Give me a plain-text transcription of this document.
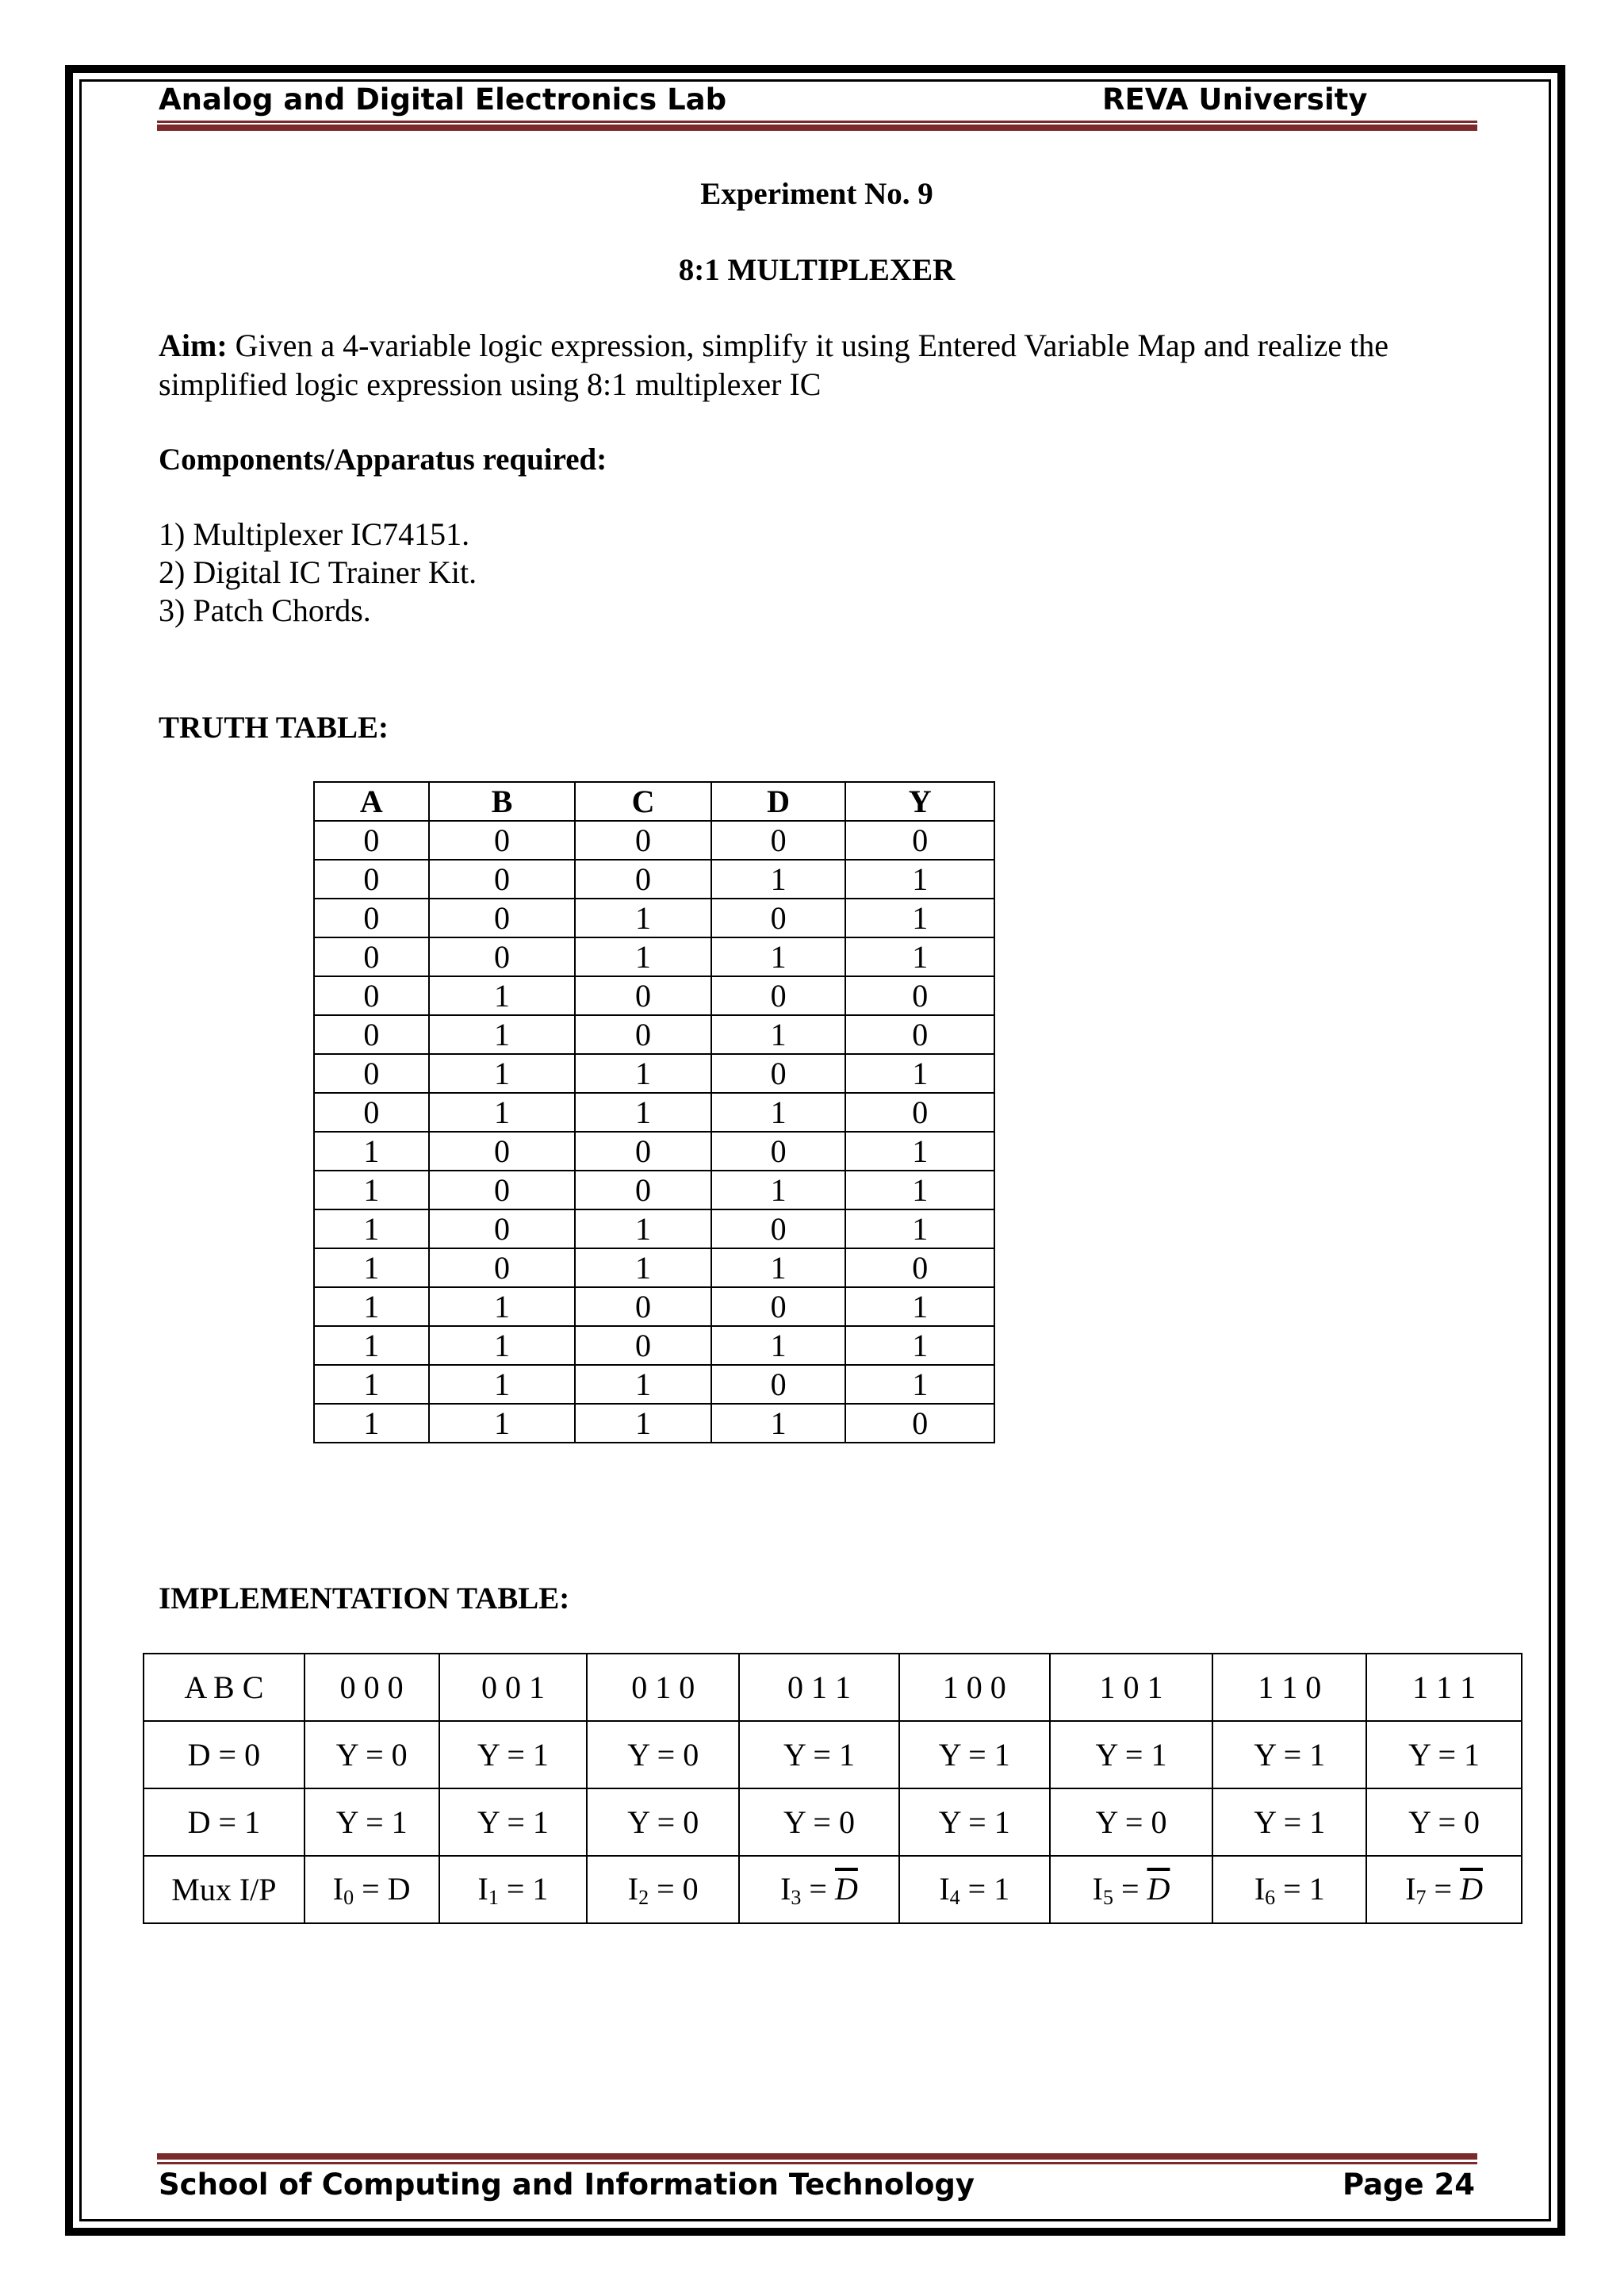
Analog and Digital Electronics Lab	REVA University
Experiment No. 9
8:1 MULTIPLEXER
Aim: Given a 4-variable logic expression, simplify it using Entered Variable Map and realize the simplified logic expression using 8:1 multiplexer IC
Components/Apparatus required:
1) Multiplexer IC74151.
2) Digital IC Trainer Kit.
3) Patch Chords.
TRUTH TABLE:
A	B	C	D	Y
0	0	0	0	0
0	0	0	1	1
0	0	1	0	1
0	0	1	1	1
0	1	0	0	0
0	1	0	1	0
0	1	1	0	1
0	1	1	1	0
1	0	0	0	1
1	0	0	1	1
1	0	1	0	1
1	0	1	1	0
1	1	0	0	1
1	1	0	1	1
1	1	1	0	1
1	1	1	1	0
IMPLEMENTATION TABLE:
A B C	0 0 0	0 0 1	0 1 0	0 1 1	1 0 0	1 0 1	1 1 0	1 1 1
D = 0	Y = 0	Y = 1	Y = 0	Y = 1	Y = 1	Y = 1	Y = 1	Y = 1
D = 1	Y = 1	Y = 1	Y = 0	Y = 0	Y = 1	Y = 0	Y = 1	Y = 0
Mux I/P	$I_0 = D$	$I_1 = 1$	$I_2 = 0$	$I_3 = \overline{D}$	$I_4 = 1$	$I_5 = \overline{D}$	$I_6 = 1$	$I_7 = \overline{D}$
School of Computing and Information Technology	Page 24
